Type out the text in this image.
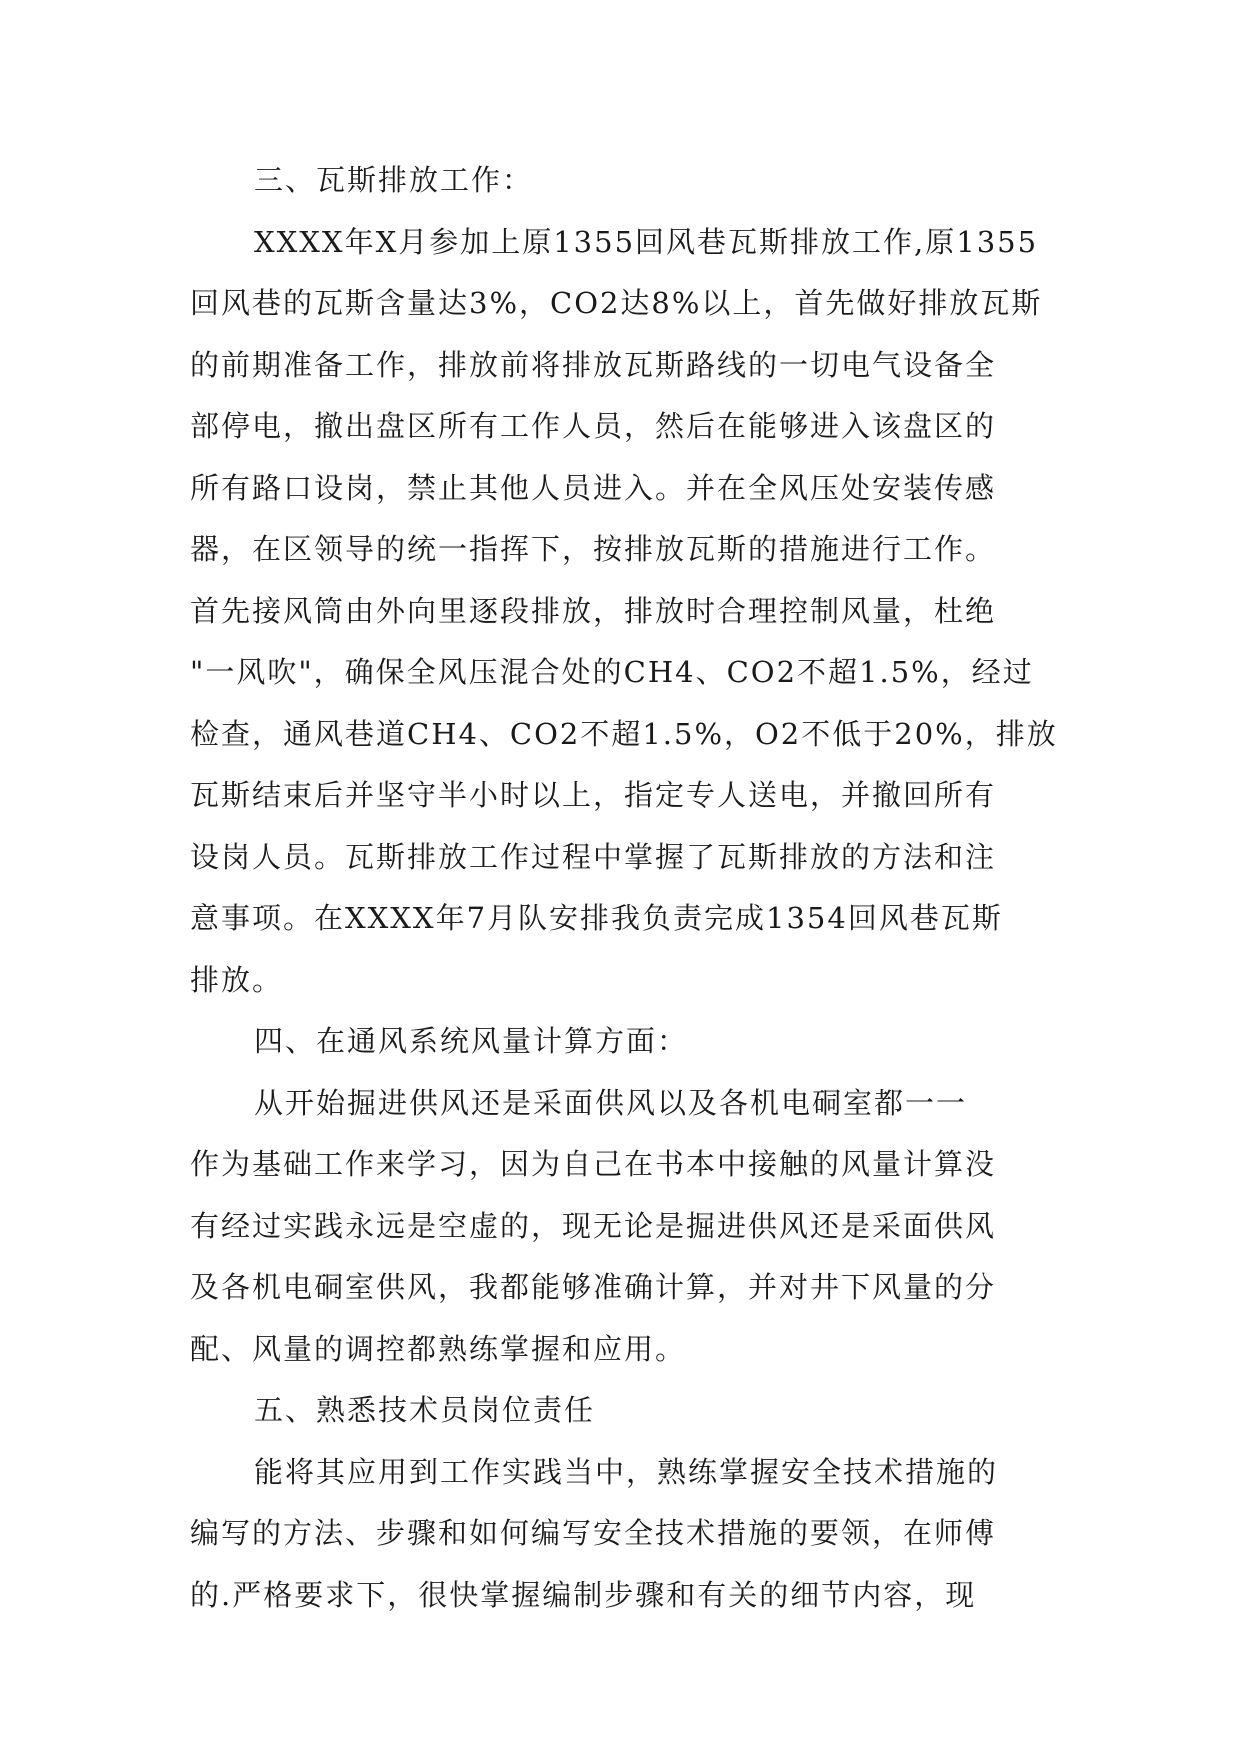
三、瓦斯排放工作：
XXXX年X月参加上原1355回风巷瓦斯排放工作,原1355
回风巷的瓦斯含量达3%，CO2达8%以上，首先做好排放瓦斯
的前期准备工作，排放前将排放瓦斯路线的一切电气设备全
部停电，撤出盘区所有工作人员，然后在能够进入该盘区的
所有路口设岗，禁止其他人员进入。并在全风压处安装传感
器，在区领导的统一指挥下，按排放瓦斯的措施进行工作。
首先接风筒由外向里逐段排放，排放时合理控制风量，杜绝
"一风吹"，确保全风压混合处的CH4、CO2不超1.5%，经过
检查，通风巷道CH4、CO2不超1.5%，O2不低于20%，排放
瓦斯结束后并坚守半小时以上，指定专人送电，并撤回所有
设岗人员。瓦斯排放工作过程中掌握了瓦斯排放的方法和注
意事项。在XXXX年7月队安排我负责完成1354回风巷瓦斯
排放。
四、在通风系统风量计算方面：
从开始掘进供风还是采面供风以及各机电硐室都一一
作为基础工作来学习，因为自己在书本中接触的风量计算没
有经过实践永远是空虚的，现无论是掘进供风还是采面供风
及各机电硐室供风，我都能够准确计算，并对井下风量的分
配、风量的调控都熟练掌握和应用。
五、熟悉技术员岗位责任
能将其应用到工作实践当中，熟练掌握安全技术措施的
编写的方法、步骤和如何编写安全技术措施的要领，在师傅
的.严格要求下，很快掌握编制步骤和有关的细节内容，现
